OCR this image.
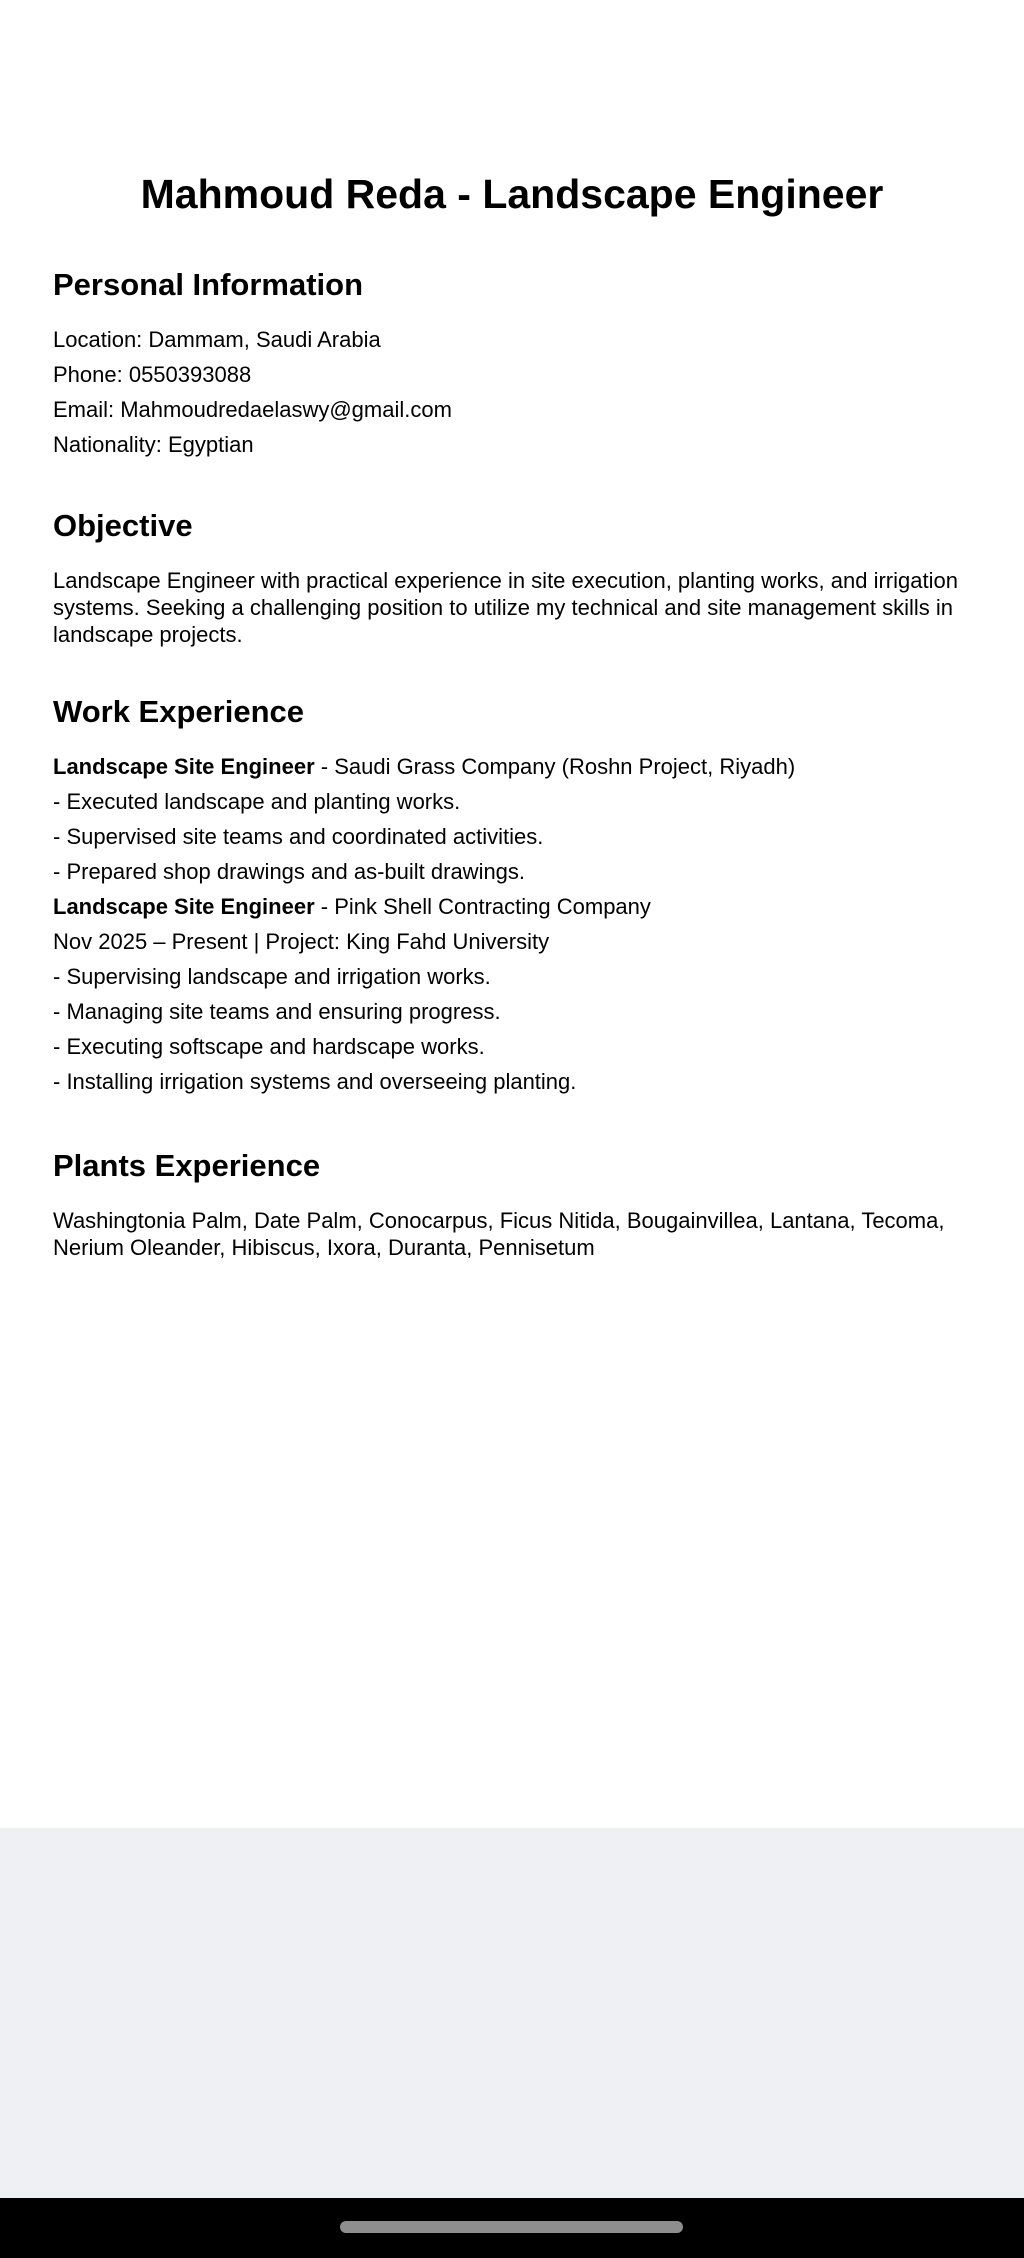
Mahmoud Reda - Landscape Engineer
Personal Information
Location: Dammam, Saudi Arabia
Phone: 0550393088
Email: Mahmoudredaelaswy@gmail.com
Nationality: Egyptian
Objective
Landscape Engineer with practical experience in site execution, planting works, and irrigation systems. Seeking a challenging position to utilize my technical and site management skills in landscape projects.
Work Experience
Landscape Site Engineer - Saudi Grass Company (Roshn Project, Riyadh)
- Executed landscape and planting works.
- Supervised site teams and coordinated activities.
- Prepared shop drawings and as-built drawings.
Landscape Site Engineer - Pink Shell Contracting Company
Nov 2025 – Present | Project: King Fahd University
- Supervising landscape and irrigation works.
- Managing site teams and ensuring progress.
- Executing softscape and hardscape works.
- Installing irrigation systems and overseeing planting.
Plants Experience
Washingtonia Palm, Date Palm, Conocarpus, Ficus Nitida, Bougainvillea, Lantana, Tecoma, Nerium Oleander, Hibiscus, Ixora, Duranta, Pennisetum
